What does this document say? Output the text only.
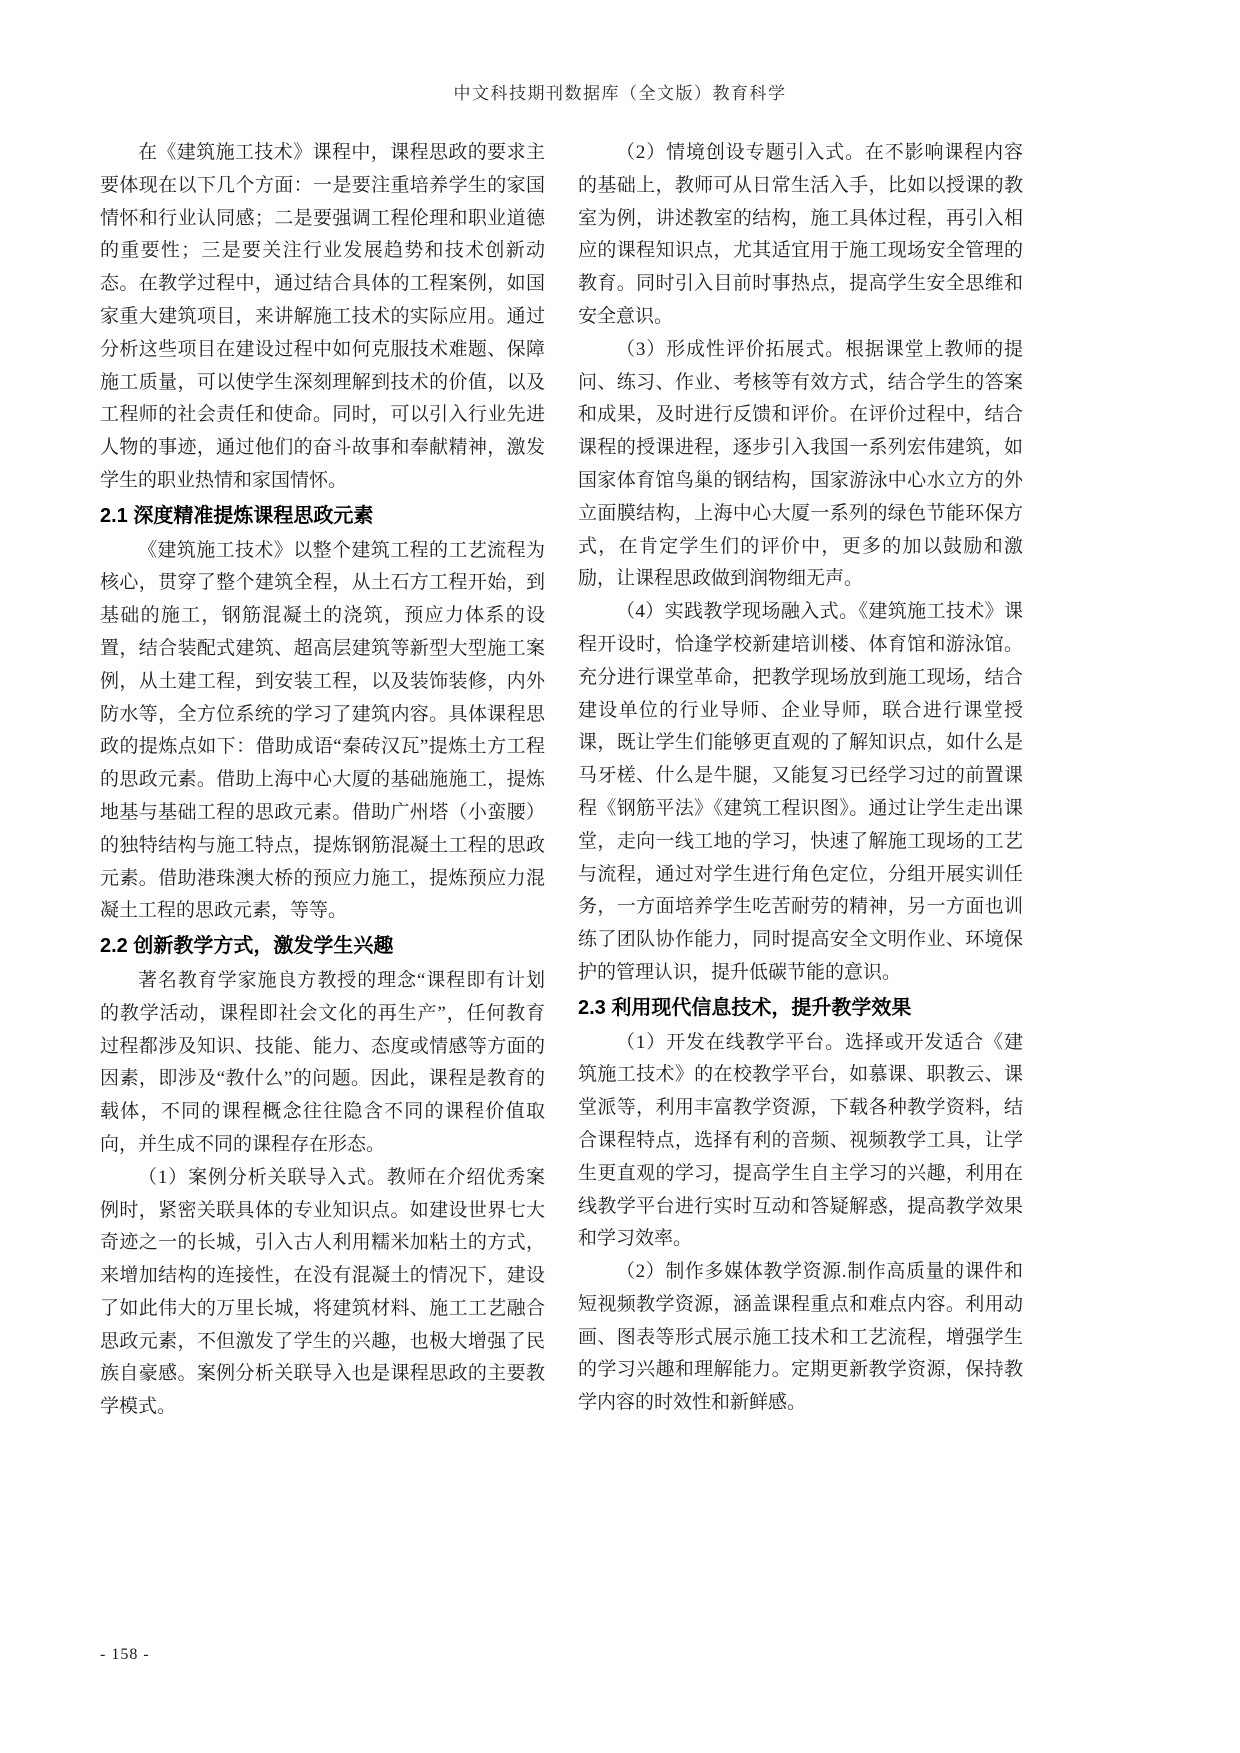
中文科技期刊数据库（全文版）教育科学

在《建筑施工技术》课程中，课程思政的要求主要体现在以下几个方面：一是要注重培养学生的家国情怀和行业认同感；二是要强调工程伦理和职业道德的重要性；三是要关注行业发展趋势和技术创新动态。在教学过程中，通过结合具体的工程案例，如国家重大建筑项目，来讲解施工技术的实际应用。通过分析这些项目在建设过程中如何克服技术难题、保障施工质量，可以使学生深刻理解到技术的价值，以及工程师的社会责任和使命。同时，可以引入行业先进人物的事迹，通过他们的奋斗故事和奉献精神，激发学生的职业热情和家国情怀。

2.1 深度精准提炼课程思政元素

《建筑施工技术》以整个建筑工程的工艺流程为核心，贯穿了整个建筑全程，从土石方工程开始，到基础的施工，钢筋混凝土的浇筑，预应力体系的设置，结合装配式建筑、超高层建筑等新型大型施工案例，从土建工程，到安装工程，以及装饰装修，内外防水等，全方位系统的学习了建筑内容。具体课程思政的提炼点如下：借助成语“秦砖汉瓦”提炼土方工程的思政元素。借助上海中心大厦的基础施施工，提炼地基与基础工程的思政元素。借助广州塔（小蛮腰）的独特结构与施工特点，提炼钢筋混凝土工程的思政元素。借助港珠澳大桥的预应力施工，提炼预应力混凝土工程的思政元素，等等。

2.2 创新教学方式，激发学生兴趣

著名教育学家施良方教授的理念“课程即有计划的教学活动，课程即社会文化的再生产”，任何教育过程都涉及知识、技能、能力、态度或情感等方面的因素，即涉及“教什么”的问题。因此，课程是教育的载体，不同的课程概念往往隐含不同的课程价值取向，并生成不同的课程存在形态。

（1）案例分析关联导入式。教师在介绍优秀案例时，紧密关联具体的专业知识点。如建设世界七大奇迹之一的长城，引入古人利用糯米加粘土的方式，来增加结构的连接性，在没有混凝土的情况下，建设了如此伟大的万里长城，将建筑材料、施工工艺融合思政元素，不但激发了学生的兴趣，也极大增强了民族自豪感。案例分析关联导入也是课程思政的主要教学模式。

（2）情境创设专题引入式。在不影响课程内容的基础上，教师可从日常生活入手，比如以授课的教室为例，讲述教室的结构，施工具体过程，再引入相应的课程知识点，尤其适宜用于施工现场安全管理的教育。同时引入目前时事热点，提高学生安全思维和安全意识。

（3）形成性评价拓展式。根据课堂上教师的提问、练习、作业、考核等有效方式，结合学生的答案和成果，及时进行反馈和评价。在评价过程中，结合课程的授课进程，逐步引入我国一系列宏伟建筑，如国家体育馆鸟巢的钢结构，国家游泳中心水立方的外立面膜结构，上海中心大厦一系列的绿色节能环保方式，在肯定学生们的评价中，更多的加以鼓励和激励，让课程思政做到润物细无声。

（4）实践教学现场融入式。《建筑施工技术》课程开设时，恰逢学校新建培训楼、体育馆和游泳馆。充分进行课堂革命，把教学现场放到施工现场，结合建设单位的行业导师、企业导师，联合进行课堂授课，既让学生们能够更直观的了解知识点，如什么是马牙槎、什么是牛腿，又能复习已经学习过的前置课程《钢筋平法》《建筑工程识图》。通过让学生走出课堂，走向一线工地的学习，快速了解施工现场的工艺与流程，通过对学生进行角色定位，分组开展实训任务，一方面培养学生吃苦耐劳的精神，另一方面也训练了团队协作能力，同时提高安全文明作业、环境保护的管理认识，提升低碳节能的意识。

2.3 利用现代信息技术，提升教学效果

（1）开发在线教学平台。选择或开发适合《建筑施工技术》的在校教学平台，如慕课、职教云、课堂派等，利用丰富教学资源，下载各种教学资料，结合课程特点，选择有利的音频、视频教学工具，让学生更直观的学习，提高学生自主学习的兴趣，利用在线教学平台进行实时互动和答疑解惑，提高教学效果和学习效率。

（2）制作多媒体教学资源.制作高质量的课件和短视频教学资源，涵盖课程重点和难点内容。利用动画、图表等形式展示施工技术和工艺流程，增强学生的学习兴趣和理解能力。定期更新教学资源，保持教学内容的时效性和新鲜感。

- 158 -
